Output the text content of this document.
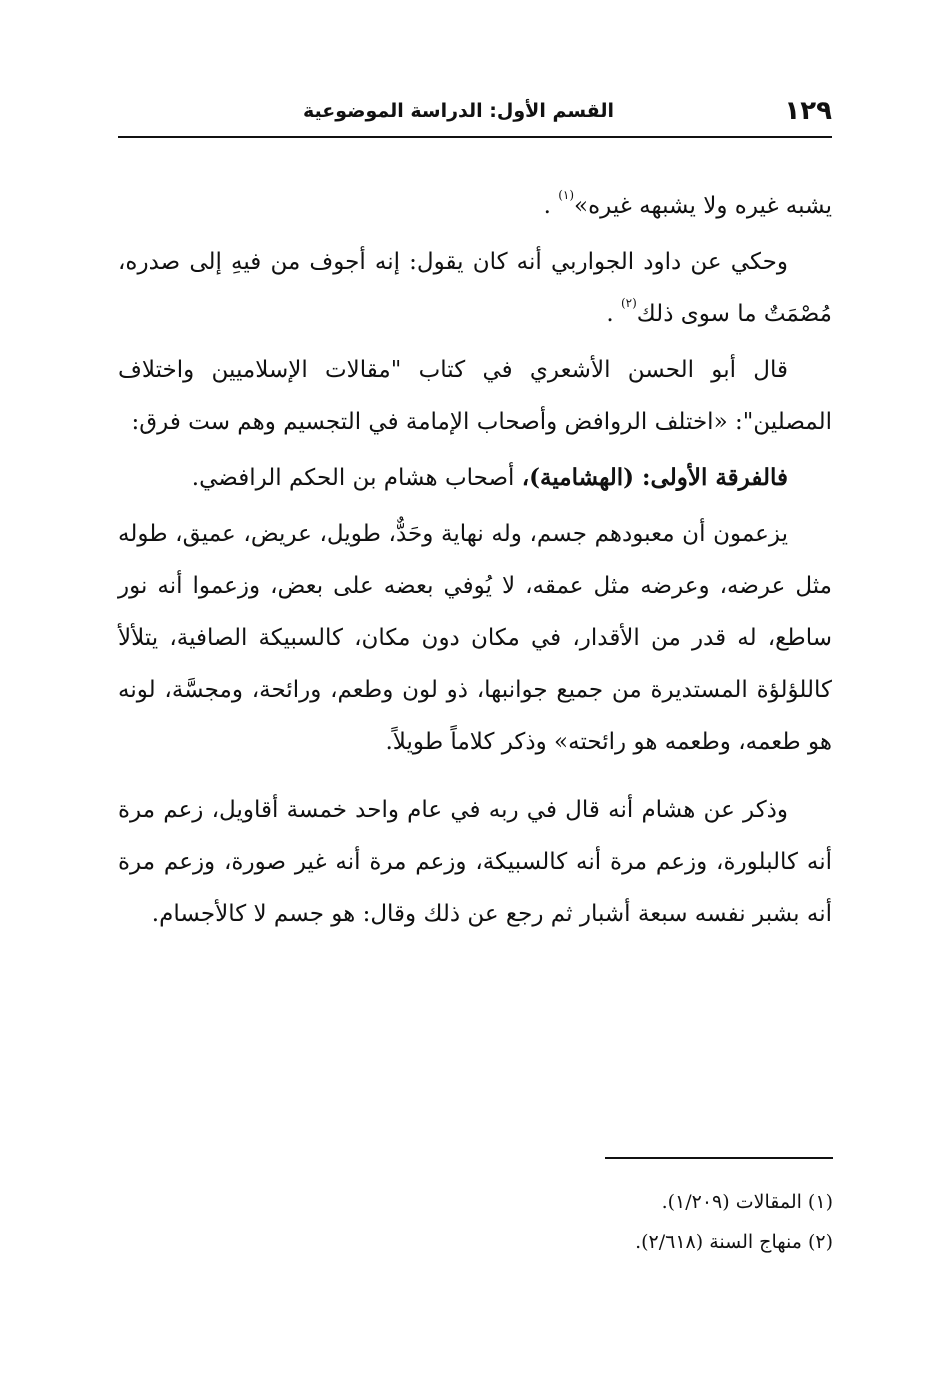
١٢٩
القسم الأول: الدراسة الموضوعية

يشبه غيره ولا يشبهه غيره»$^{(١)}$ .

وحكي عن داود الجواربي أنه كان يقول: إنه أجوف من فيهِ إلى صدره، مُصْمَتٌ ما سوى ذلك$^{(٢)}$ .

قال أبو الحسن الأشعري في كتاب "مقالات الإسلاميين واختلاف المصلين": «اختلف الروافض وأصحاب الإمامة في التجسيم وهم ست فرق:

فالفرقة الأولى: (الهشامية)، أصحاب هشام بن الحكم الرافضي.

يزعمون أن معبودهم جسم، وله نهاية وحَدٌّ، طويل، عريض، عميق، طوله مثل عرضه، وعرضه مثل عمقه، لا يُوفي بعضه على بعض، وزعموا أنه نور ساطع، له قدر من الأقدار، في مكان دون مكان، كالسبيكة الصافية، يتلألأ كاللؤلؤة المستديرة من جميع جوانبها، ذو لون وطعم، ورائحة، ومجسَّة، لونه هو طعمه، وطعمه هو رائحته» وذكر كلاماً طويلاً.

وذكر عن هشام أنه قال في ربه في عام واحد خمسة أقاويل، زعم مرة أنه كالبلورة، وزعم مرة أنه كالسبيكة، وزعم مرة أنه غير صورة، وزعم مرة أنه بشبر نفسه سبعة أشبار ثم رجع عن ذلك وقال: هو جسم لا كالأجسام.

(١) المقالات (١/٢٠٩).
(٢) منهاج السنة (٢/٦١٨).
